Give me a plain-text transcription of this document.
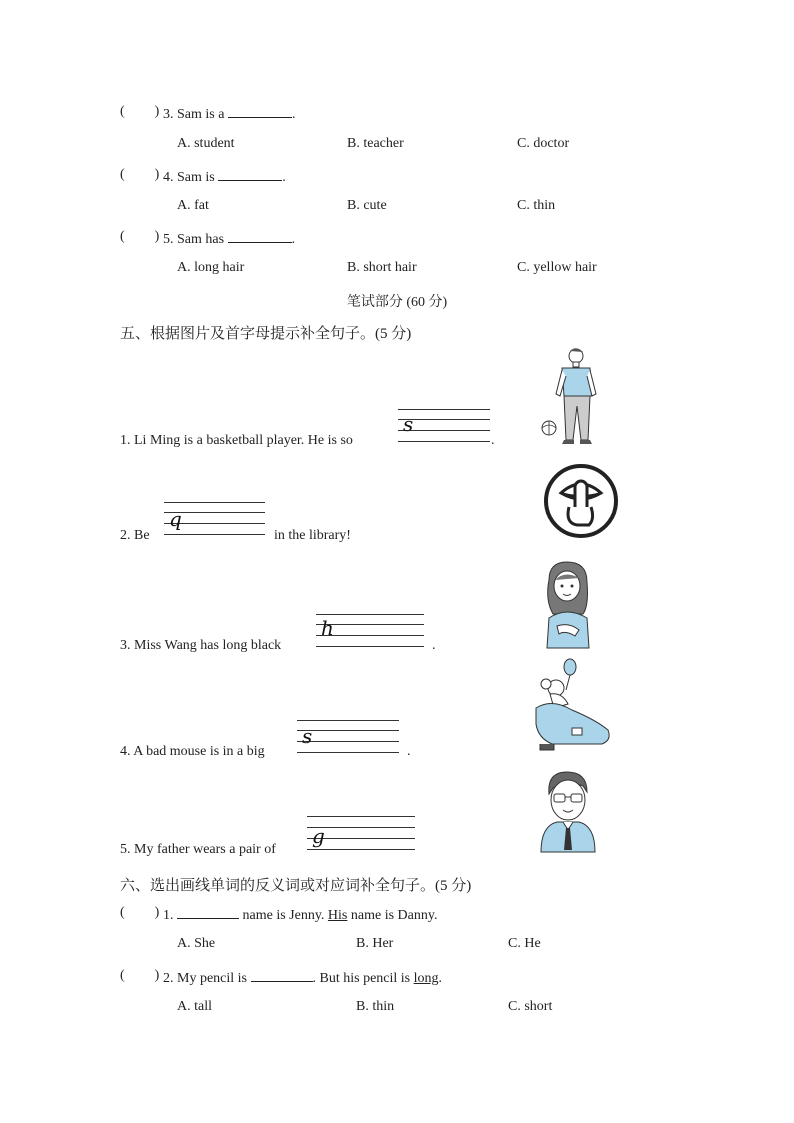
( ) 3. Sam is a	.
A. student	B. teacher	C. doctor
( ) 4. Sam is	.
A. fat	B. cute	C. thin
( ) 5. Sam has	.
A. long hair	B. short hair	C. yellow hair
笔试部分 (60 分)
五、根据图片及首字母提示补全句子。(5 分)
1. Li Ming is a basketball player. He is so
s
.
2. Be
q
in the library!
3. Miss Wang has long black
h
.
4. A bad mouse is in a big
s
.
5. My father wears a pair of
g
六、选出画线单词的反义词或对应词补全句子。(5 分)
( ) 1.	name is Jenny. His name is Danny.
A. She	B. Her	C. He
( ) 2. My pencil is	. But his pencil is long.
A. tall	B. thin	C. short
